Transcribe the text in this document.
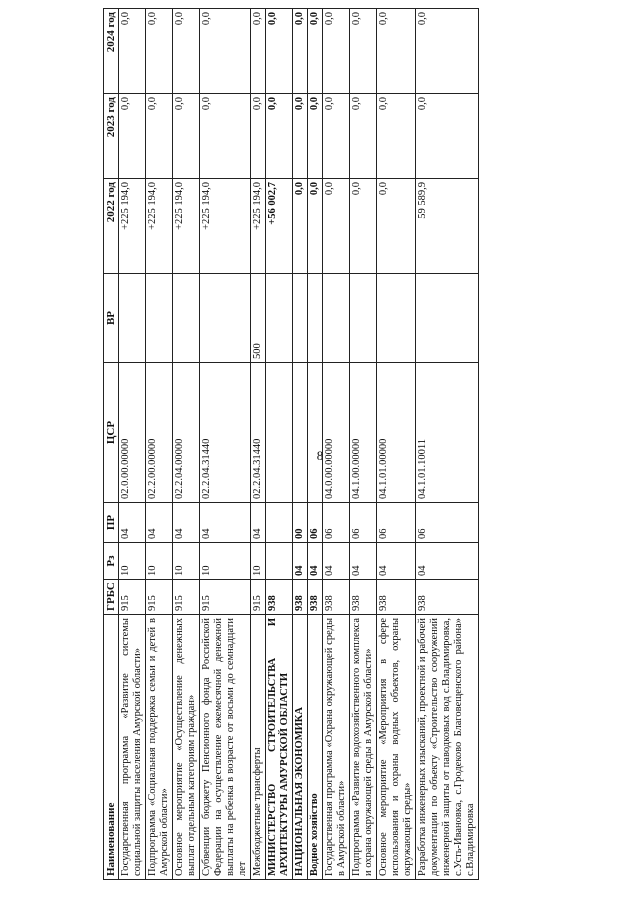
8
Наименование	ГРБС	Рз	ПР	ЦСР	ВР	2022 год	2023 год	2024 год
Государственная программа «Развитие системы социальной защиты населения Амурской области»	915	10	04	02.0.00.00000		+225 194,0	0,0	0,0
Подпрограмма «Социальная поддержка семьи и детей в Амурской области»	915	10	04	02.2.00.00000		+225 194,0	0,0	0,0
Основное мероприятие «Осуществление денежных выплат отдельным категориям граждан»	915	10	04	02.2.04.00000		+225 194,0	0,0	0,0
Субвенции бюджету Пенсионного фонда Российской Федерации на осуществление ежемесячной денежной выплаты на ребенка в возрасте от восьми до семнадцати лет	915	10	04	02.2.04.31440		+225 194,0	0,0	0,0
Межбюджетные трансферты	915	10	04	02.2.04.31440	500	+225 194,0	0,0	0,0
МИНИСТЕРСТВО СТРОИТЕЛЬСТВА И АРХИТЕКТУРЫ АМУРСКОЙ ОБЛАСТИ	938					+56 002,7	0,0	0,0
НАЦИОНАЛЬНАЯ ЭКОНОМИКА	938	04	00			0,0	0,0	0,0
Водное хозяйство	938	04	06			0,0	0,0	0,0
Государственная программа «Охрана окружающей среды в Амурской области»	938	04	06	04.0.00.00000		0,0	0,0	0,0
Подпрограмма «Развитие водохозяйственного комплекса и охрана окружающей среды в Амурской области»	938	04	06	04.1.00.00000		0,0	0,0	0,0
Основное мероприятие «Мероприятия в сфере использования и охраны водных объектов, охраны окружающей среды»	938	04	06	04.1.01.00000		0,0	0,0	0,0
Разработка инженерных изысканий, проектной и рабочей документации по объекту «Строительство сооружений инженерной защиты от паводковых вод с.Владимировка, с.Усть-Ивановка, с.Гродеково Благовещенского района» с.Владимировка	938	04	06	04.1.01.10011		59 589,9	0,0	0,0
